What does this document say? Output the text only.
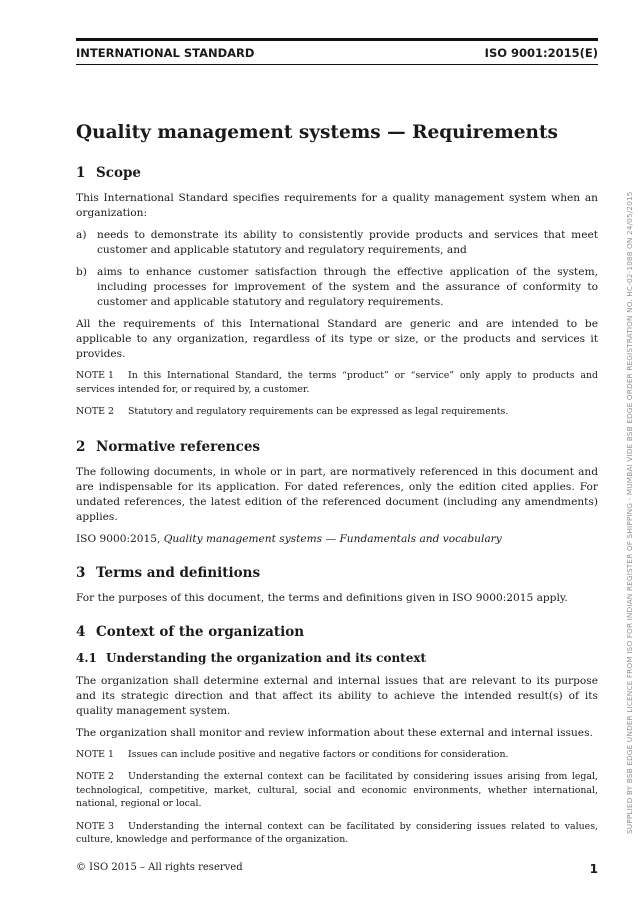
INTERNATIONAL STANDARD	ISO 9001:2015(E)
Quality management systems — Requirements
1 Scope

This International Standard specifies requirements for a quality management system when an organization:

a) needs to demonstrate its ability to consistently provide products and services that meet customer and applicable statutory and regulatory requirements, and
b) aims to enhance customer satisfaction through the effective application of the system, including processes for improvement of the system and the assurance of conformity to customer and applicable statutory and regulatory requirements.

All the requirements of this International Standard are generic and are intended to be applicable to any organization, regardless of its type or size, or the products and services it provides.

NOTE 1 In this International Standard, the terms “product” or “service” only apply to products and services intended for, or required by, a customer.
NOTE 2 Statutory and regulatory requirements can be expressed as legal requirements.
2 Normative references

The following documents, in whole or in part, are normatively referenced in this document and are indispensable for its application. For dated references, only the edition cited applies. For undated references, the latest edition of the referenced document (including any amendments) applies.

ISO 9000:2015, Quality management systems — Fundamentals and vocabulary

3 Terms and definitions

For the purposes of this document, the terms and definitions given in ISO 9000:2015 apply.

4 Context of the organization
4.1 Understanding the organization and its context

The organization shall determine external and internal issues that are relevant to its purpose and its strategic direction and that affect its ability to achieve the intended result(s) of its quality management system.

The organization shall monitor and review information about these external and internal issues.

NOTE 1 Issues can include positive and negative factors or conditions for consideration.
NOTE 2 Understanding the external context can be facilitated by considering issues arising from legal, technological, competitive, market, cultural, social and economic environments, whether international, national, regional or local.
NOTE 3 Understanding the internal context can be facilitated by considering issues related to values, culture, knowledge and performance of the organization.
© ISO 2015 – All rights reserved	1
SUPPLIED BY BSB EDGE UNDER LICENCE FROM ISO FOR INDIAN REGISTER OF SHIPPING - MUMBAI VIDE BSB EDGE ORDER REGISTRATION NO. HC-02-1088 ON 24/05/2015
